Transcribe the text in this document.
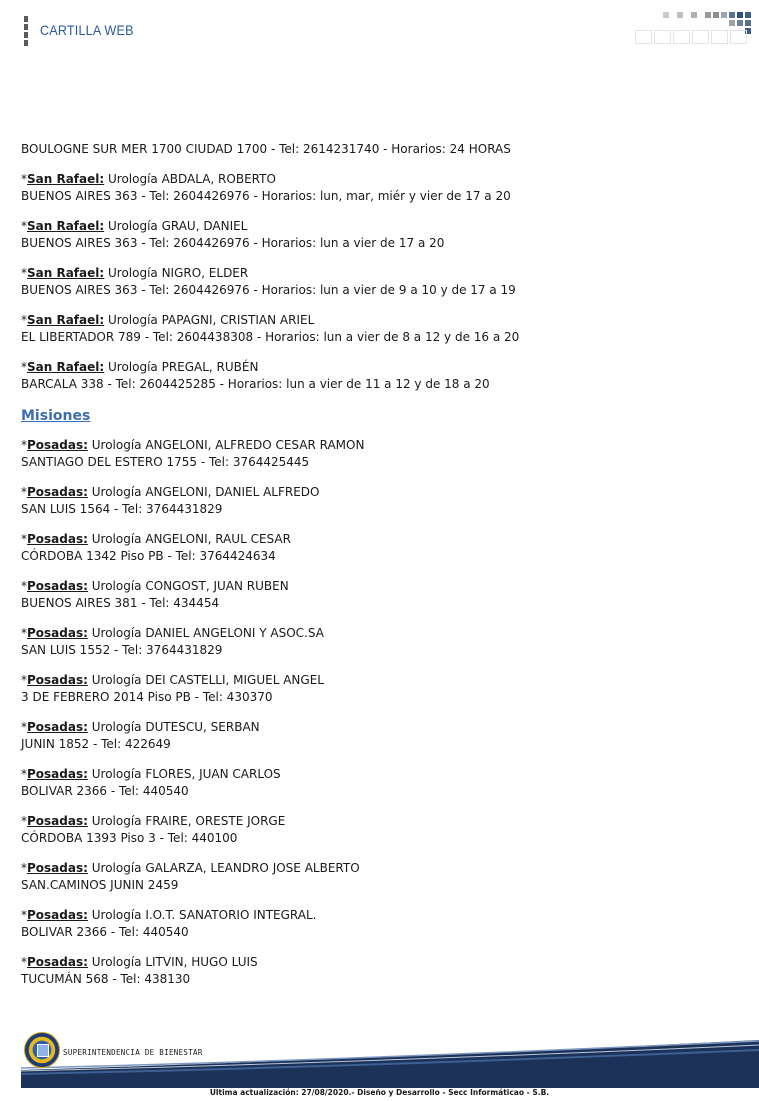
CARTILLA WEB
BOULOGNE SUR MER 1700 CIUDAD 1700 - Tel: 2614231740 - Horarios: 24 HORAS
*San Rafael: Urología ABDALA, ROBERTO
BUENOS AIRES 363 - Tel: 2604426976 - Horarios: lun, mar, miér y vier de 17 a 20
*San Rafael: Urología GRAU, DANIEL
BUENOS AIRES 363 - Tel: 2604426976 - Horarios: lun a vier de 17 a 20
*San Rafael: Urología NIGRO, ELDER
BUENOS AIRES 363 - Tel: 2604426976 - Horarios: lun a vier de 9 a 10 y de 17 a 19
*San Rafael: Urología PAPAGNI, CRISTIAN ARIEL
EL LIBERTADOR 789 - Tel: 2604438308 - Horarios: lun a vier de 8 a 12 y de 16 a 20
*San Rafael: Urología PREGAL, RUBÉN
BARCALA 338 - Tel: 2604425285 - Horarios: lun a vier de 11 a 12 y de 18 a 20
Misiones
*Posadas: Urología ANGELONI, ALFREDO CESAR RAMON
SANTIAGO DEL ESTERO 1755 - Tel: 3764425445
*Posadas: Urología ANGELONI, DANIEL ALFREDO
SAN LUIS 1564 - Tel: 3764431829
*Posadas: Urología ANGELONI, RAUL CESAR
CÓRDOBA 1342 Piso PB - Tel: 3764424634
*Posadas: Urología CONGOST, JUAN RUBEN
BUENOS AIRES 381 - Tel: 434454
*Posadas: Urología DANIEL ANGELONI Y ASOC.SA
SAN LUIS 1552 - Tel: 3764431829
*Posadas: Urología DEI CASTELLI, MIGUEL ANGEL
3 DE FEBRERO 2014 Piso PB - Tel: 430370
*Posadas: Urología DUTESCU, SERBAN
JUNIN 1852 - Tel: 422649
*Posadas: Urología FLORES, JUAN CARLOS
BOLIVAR 2366 - Tel: 440540
*Posadas: Urología FRAIRE, ORESTE JORGE
CÓRDOBA 1393 Piso 3 - Tel: 440100
*Posadas: Urología GALARZA, LEANDRO JOSE ALBERTO
SAN.CAMINOS JUNIN 2459
*Posadas: Urología I.O.T. SANATORIO INTEGRAL.
BOLIVAR 2366 - Tel: 440540
*Posadas: Urología LITVIN, HUGO LUIS
TUCUMÁN 568 - Tel: 438130
SUPERINTENDENCIA DE BIENESTAR
Ultima actualización: 27/08/2020.- Diseño y Desarrollo - Secc Informáticao - S.B.
